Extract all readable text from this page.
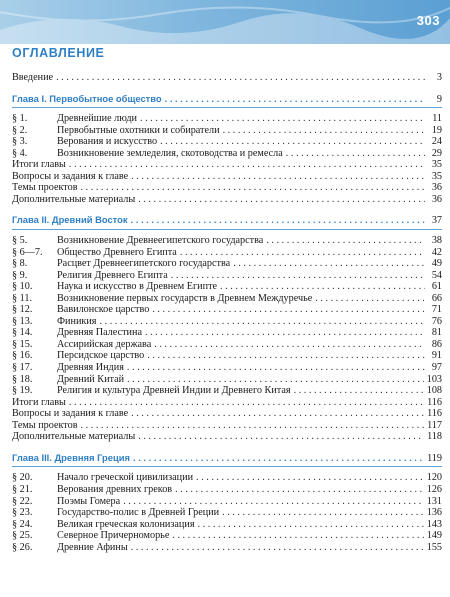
303
ОГЛАВЛЕНИЕ
Введение . . .	3
Глава I. Первобытное общество . . .	9
§ 1.	Древнейшие люди . . .	11
§ 2.	Первобытные охотники и собиратели . . .	19
§ 3.	Верования и искусство . . .	24
§ 4.	Возникновение земледелия, скотоводства и ремесла . . .	29
Итоги главы . . .	35
Вопросы и задания к главе . . .	35
Темы проектов . . .	36
Дополнительные материалы . . .	36
Глава II. Древний Восток . . .	37
§ 5.	Возникновение Древнеегипетского государства . . .	38
§ 6—7.	Общество Древнего Египта . . .	42
§ 8.	Расцвет Древнеегипетского государства . . .	49
§ 9.	Религия Древнего Египта . . .	54
§ 10.	Наука и искусство в Древнем Египте . . .	61
§ 11.	Возникновение первых государств в Древнем Междуречье . . .	66
§ 12.	Вавилонское царство . . .	71
§ 13.	Финикия . . .	76
§ 14.	Древняя Палестина . . .	81
§ 15.	Ассирийская держава . . .	86
§ 16.	Персидское царство . . .	91
§ 17.	Древняя Индия . . .	97
§ 18.	Древний Китай . . .	103
§ 19.	Религия и культура Древней Индии и Древнего Китая . . .	108
Итоги главы . . .	116
Вопросы и задания к главе . . .	116
Темы проектов . . .	117
Дополнительные материалы . . .	118
Глава III. Древняя Греция . . .	119
§ 20.	Начало греческой цивилизации . . .	120
§ 21.	Верования древних греков . . .	126
§ 22.	Поэмы Гомера . . .	131
§ 23.	Государство-полис в Древней Греции . . .	136
§ 24.	Великая греческая колонизация . . .	143
§ 25.	Северное Причерноморье . . .	149
§ 26.	Древние Афины . . .	155
